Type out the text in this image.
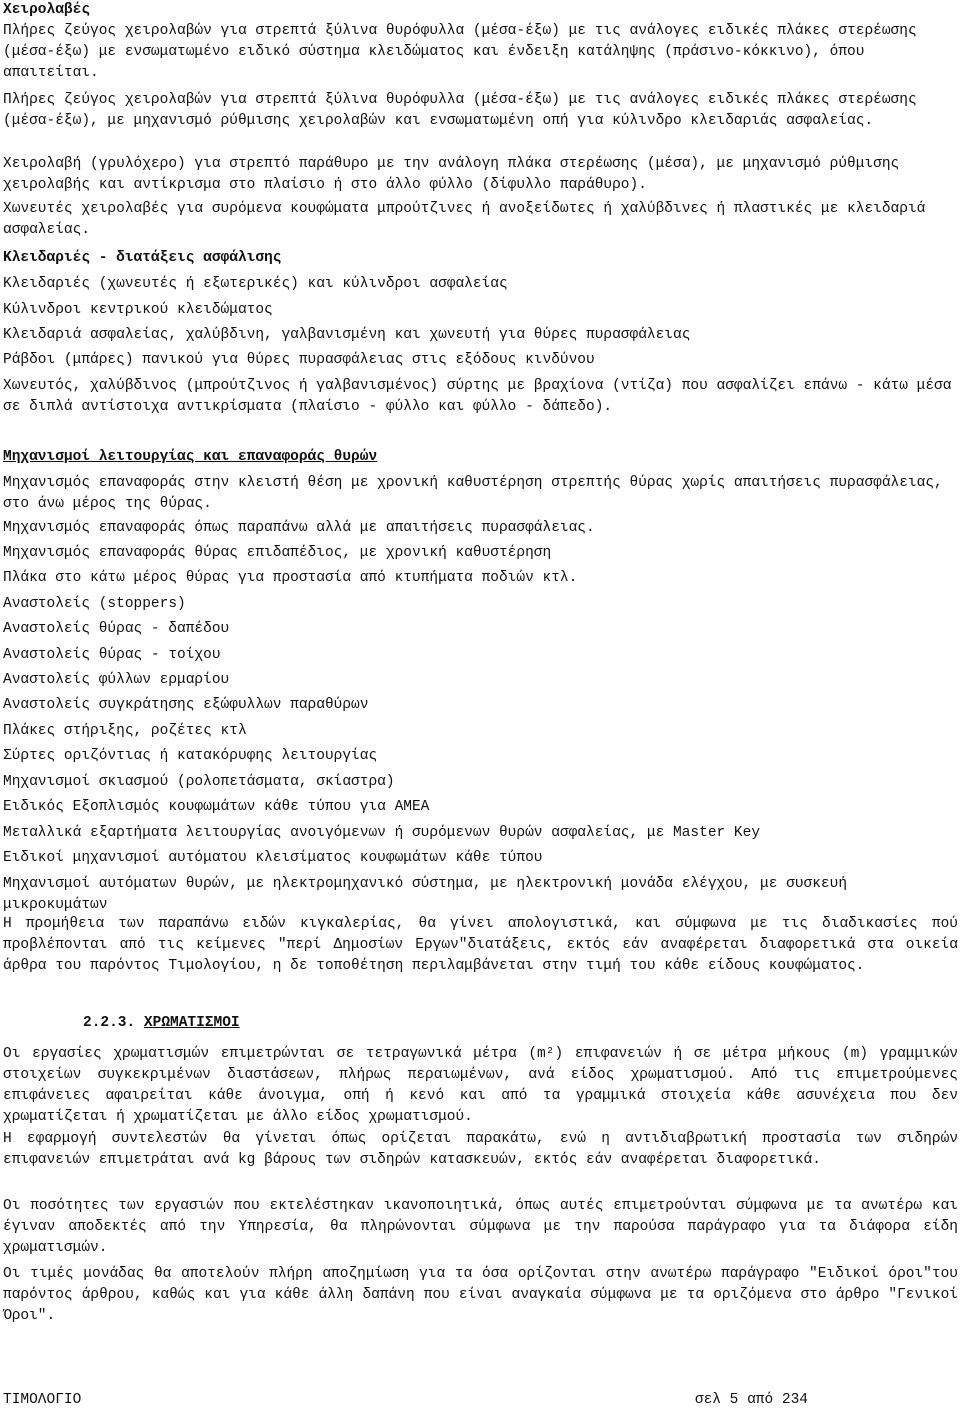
Χειρολαβές

Πλήρες ζεύγος χειρολαβών για στρεπτά ξύλινα θυρόφυλλα (μέσα-έξω) με τις ανάλογες ειδικές πλάκες στερέωσης (μέσα-έξω) με ενσωματωμένο ειδικό σύστημα κλειδώματος και ένδειξη κατάληψης (πράσινο-κόκκινο), όπου απαιτείται.

Πλήρες ζεύγος χειρολαβών για στρεπτά ξύλινα θυρόφυλλα (μέσα-έξω) με τις ανάλογες ειδικές πλάκες στερέωσης (μέσα-έξω), με μηχανισμό ρύθμισης χειρολαβών και ενσωματωμένη οπή για κύλινδρο κλειδαριάς ασφαλείας.

Χειρολαβή (γρυλόχερο) για στρεπτό παράθυρο με την ανάλογη πλάκα στερέωσης (μέσα), με μηχανισμό ρύθμισης χειρολαβής και αντίκρισμα στο πλαίσιο ή στο άλλο φύλλο (δίφυλλο παράθυρο).

Χωνευτές χειρολαβές για συρόμενα κουφώματα μπρούτζινες ή ανοξείδωτες ή χαλύβδινες ή πλαστικές με κλειδαριά ασφαλείας.

Κλειδαριές - διατάξεις ασφάλισης

Κλειδαριές (χωνευτές ή εξωτερικές) και κύλινδροι ασφαλείας

Κύλινδροι κεντρικού κλειδώματος

Κλειδαριά ασφαλείας, χαλύβδινη, γαλβανισμένη και χωνευτή για θύρες πυρασφάλειας

Ράβδοι (μπάρες) πανικού για θύρες πυρασφάλειας στις εξόδους κινδύνου

Χωνευτός, χαλύβδινος (μπρούτζινος ή γαλβανισμένος) σύρτης με βραχίονα (ντίζα) που ασφαλίζει επάνω - κάτω μέσα σε διπλά αντίστοιχα αντικρίσματα (πλαίσιο - φύλλο και φύλλο - δάπεδο).

Μηχανισμοί λειτουργίας και επαναφοράς θυρών

Μηχανισμός επαναφοράς στην κλειστή θέση με χρονική καθυστέρηση στρεπτής θύρας χωρίς απαιτήσεις πυρασφάλειας, στο άνω μέρος της θύρας.

Μηχανισμός επαναφοράς όπως παραπάνω αλλά με απαιτήσεις πυρασφάλειας.

Μηχανισμός επαναφοράς θύρας επιδαπέδιος, με χρονική καθυστέρηση

Πλάκα στο κάτω μέρος θύρας για προστασία από κτυπήματα ποδιών κτλ.

Αναστολείς (stoppers)

Αναστολείς θύρας - δαπέδου

Αναστολείς θύρας - τοίχου

Αναστολείς φύλλων ερμαρίου

Αναστολείς συγκράτησης εξώφυλλων παραθύρων

Πλάκες στήριξης, ροζέτες κτλ

Σύρτες οριζόντιας ή κατακόρυφης λειτουργίας

Μηχανισμοί σκιασμού (ρολοπετάσματα, σκίαστρα)

Ειδικός Εξοπλισμός κουφωμάτων κάθε τύπου για ΑΜΕΑ

Μεταλλικά εξαρτήματα λειτουργίας ανοιγόμενων ή συρόμενων θυρών ασφαλείας, με Master Key

Ειδικοί μηχανισμοί αυτόματου κλεισίματος κουφωμάτων κάθε τύπου

Μηχανισμοί αυτόματων θυρών, με ηλεκτρομηχανικό σύστημα, με ηλεκτρονική μονάδα ελέγχου, με συσκευή μικροκυμάτων

Η προμήθεια των παραπάνω ειδών κιγκαλερίας, θα γίνει απολογιστικά, και σύμφωνα με τις διαδικασίες πού προβλέπονται από τις κείμενες "περί Δημοσίων Εργων"διατάξεις, εκτός εάν αναφέρεται διαφορετικά στα οικεία άρθρα του παρόντος Τιμολογίου, η δε τοποθέτηση περιλαμβάνεται στην τιμή του κάθε είδους κουφώματος.

2.2.3. ΧΡΩΜΑΤΙΣΜΟΙ

Οι εργασίες χρωματισμών επιμετρώνται σε τετραγωνικά μέτρα (m²) επιφανειών ή σε μέτρα μήκους (m) γραμμικών στοιχείων συγκεκριμένων διαστάσεων, πλήρως περαιωμένων, ανά είδος χρωματισμού. Από τις επιμετρούμενες επιφάνειες αφαιρείται κάθε άνοιγμα, οπή ή κενό και από τα γραμμικά στοιχεία κάθε ασυνέχεια που δεν χρωματίζεται ή χρωματίζεται με άλλο είδος χρωματισμού.

Η εφαρμογή συντελεστών θα γίνεται όπως ορίζεται παρακάτω, ενώ η αντιδιαβρωτική προστασία των σιδηρών επιφανειών επιμετράται ανά kg βάρους των σιδηρών κατασκευών, εκτός εάν αναφέρεται διαφορετικά.

Οι ποσότητες των εργασιών που εκτελέστηκαν ικανοποιητικά, όπως αυτές επιμετρούνται σύμφωνα με τα ανωτέρω και έγιναν αποδεκτές από την Υπηρεσία, θα πληρώνονται σύμφωνα με την παρούσα παράγραφο για τα διάφορα είδη χρωματισμών.

Οι τιμές μονάδας θα αποτελούν πλήρη αποζημίωση για τα όσα ορίζονται στην ανωτέρω παράγραφο "Ειδικοί όροι"του παρόντος άρθρου, καθώς και για κάθε άλλη δαπάνη που είναι αναγκαία σύμφωνα με τα οριζόμενα στο άρθρο "Γενικοί Όροι".

ΤΙΜΟΛΟΓΙΟ	σελ 5 από 234
